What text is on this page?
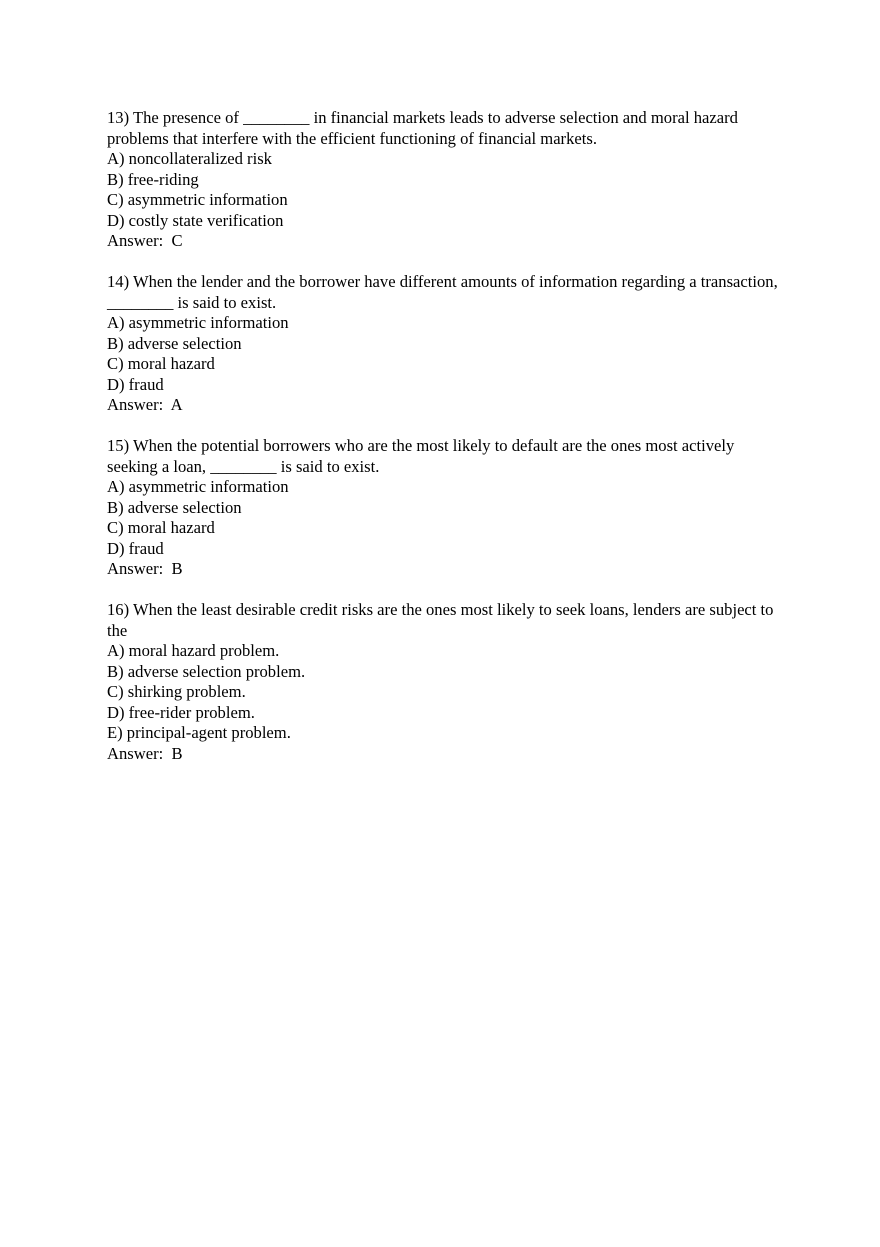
13) The presence of ________ in financial markets leads to adverse selection and moral hazard problems that interfere with the efficient functioning of financial markets.

A) noncollateralized risk
B) free-riding
C) asymmetric information
D) costly state verification

Answer:  C

14) When the lender and the borrower have different amounts of information regarding a transaction, ________ is said to exist.

A) asymmetric information
B) adverse selection
C) moral hazard
D) fraud

Answer:  A

15) When the potential borrowers who are the most likely to default are the ones most actively seeking a loan, ________ is said to exist.

A) asymmetric information
B) adverse selection
C) moral hazard
D) fraud

Answer:  B

16) When the least desirable credit risks are the ones most likely to seek loans, lenders are subject to the

A) moral hazard problem.
B) adverse selection problem.
C) shirking problem.
D) free-rider problem.
E) principal-agent problem.

Answer:  B
